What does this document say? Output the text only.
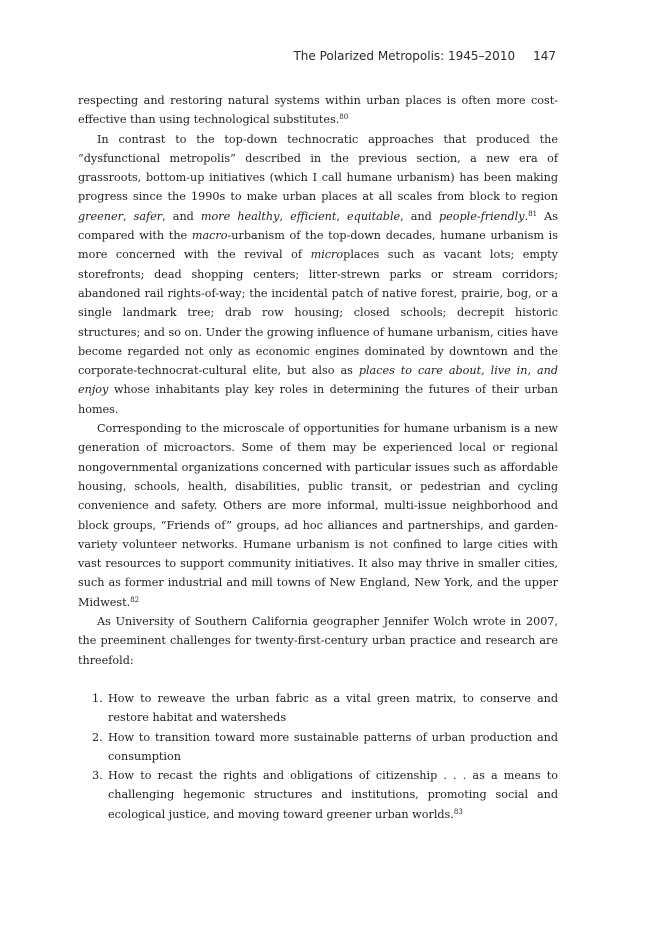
The Polarized Metropolis: 1945–2010 147

respecting and restoring natural systems within urban places is often more cost-effective than using technological substitutes.$^{80}$

In contrast to the top-down technocratic approaches that produced the “dysfunctional metropolis” described in the previous section, a new era of grassroots, bottom-up initiatives (which I call humane urbanism) has been making progress since the 1990s to make urban places at all scales from block to region greener, safer, and more healthy, efficient, equitable, and people-friendly.$^{81}$ As compared with the macro-urbanism of the top-down decades, humane urbanism is more concerned with the revival of microplaces such as vacant lots; empty storefronts; dead shopping centers; litter-strewn parks or stream corridors; abandoned rail rights-of-way; the incidental patch of native forest, prairie, bog, or a single landmark tree; drab row housing; closed schools; decrepit historic structures; and so on. Under the growing influence of humane urbanism, cities have become regarded not only as economic engines dominated by downtown and the corporate-technocrat-cultural elite, but also as places to care about, live in, and enjoy whose inhabitants play key roles in determining the futures of their urban homes.

Corresponding to the microscale of opportunities for humane urbanism is a new generation of microactors. Some of them may be experienced local or regional nongovernmental organizations concerned with particular issues such as affordable housing, schools, health, disabilities, public transit, or pedestrian and cycling convenience and safety. Others are more informal, multi-issue neighborhood and block groups, “Friends of” groups, ad hoc alliances and partnerships, and garden-variety volunteer networks. Humane urbanism is not confined to large cities with vast resources to support community initiatives. It also may thrive in smaller cities, such as former industrial and mill towns of New England, New York, and the upper Midwest.$^{82}$

As University of Southern California geographer Jennifer Wolch wrote in 2007, the preeminent challenges for twenty-first-century urban practice and research are threefold:

1. How to reweave the urban fabric as a vital green matrix, to conserve and restore habitat and watersheds
2. How to transition toward more sustainable patterns of urban production and consumption
3. How to recast the rights and obligations of citizenship . . . as a means to challenging hegemonic structures and institutions, promoting social and ecological justice, and moving toward greener urban worlds.$^{83}$
